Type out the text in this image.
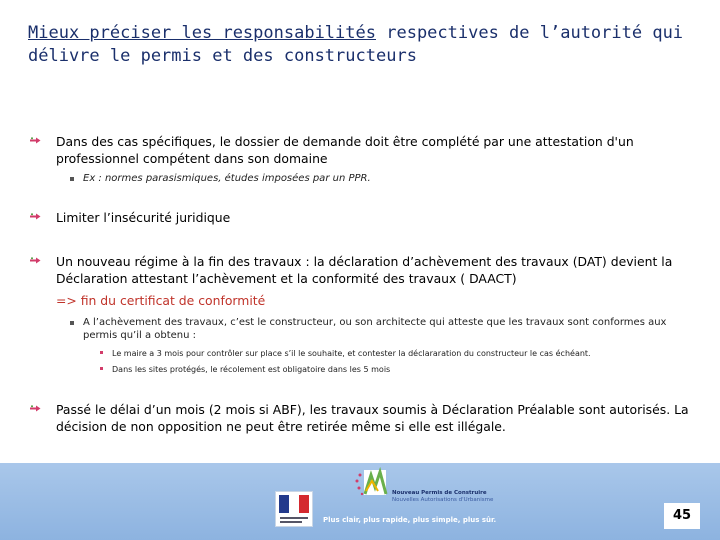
Mieux préciser les responsabilités respectives de l’autorité qui délivre le permis et des constructeurs
Dans des cas spécifiques, le dossier de demande doit être complété par une attestation d'un professionnel compétent dans son domaine
Ex : normes parasismiques, études imposées par un PPR.
Limiter l’insécurité juridique
Un nouveau régime à la fin des travaux : la déclaration d’achèvement des travaux (DAT) devient la Déclaration attestant l’achèvement et la conformité des travaux ( DAACT)
=> fin du certificat de conformité
A l’achèvement des travaux, c’est le constructeur, ou son architecte qui atteste que les travaux sont conformes aux permis qu’il a obtenu :
Le maire a 3 mois pour contrôler sur place s’il le souhaite, et contester la déclararation du constructeur le cas échéant.
Dans les sites protégés, le récolement est obligatoire dans les 5 mois
Passé le délai d’un mois (2 mois si ABF), les travaux soumis à Déclaration Préalable sont autorisés. La décision de non opposition ne peut être retirée même si elle est illégale.
Nouveau Permis de Construire
Nouvelles Autorisations d'Urbanisme
Plus clair, plus rapide, plus simple, plus sûr.	45
